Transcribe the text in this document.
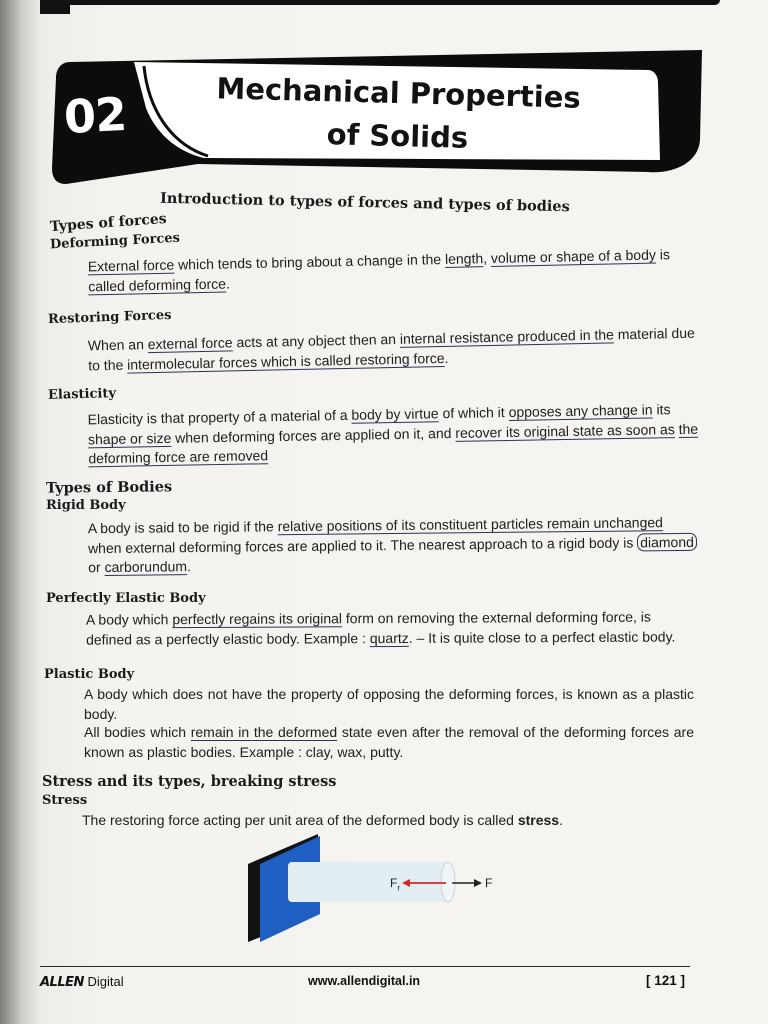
02	Mechanical Properties
of Solids
Introduction to types of forces and types of bodies
Types of forces
Deforming Forces
External force which tends to bring about a change in the length, volume or shape of a body is called deforming force.
Restoring Forces
When an external force acts at any object then an internal resistance produced in the material due to the intermolecular forces which is called restoring force.
Elasticity
Elasticity is that property of a material of a body by virtue of which it opposes any change in its shape or size when deforming forces are applied on it, and recover its original state as soon as the deforming force are removed
Types of Bodies
Rigid Body
A body is said to be rigid if the relative positions of its constituent particles remain unchanged when external deforming forces are applied to it. The nearest approach to a rigid body is diamond or carborundum.
Perfectly Elastic Body
A body which perfectly regains its original form on removing the external deforming force, is defined as a perfectly elastic body. Example : quartz. – It is quite close to a perfect elastic body.
Plastic Body
A body which does not have the property of opposing the deforming forces, is known as a plastic body.
All bodies which remain in the deformed state even after the removal of the deforming forces are known as plastic bodies. Example : clay, wax, putty.
Stress and its types, breaking stress
Stress
The restoring force acting per unit area of the deformed body is called stress.
$F_r$	F
ALLEN Digital	www.allendigital.in	[ 121 ]
